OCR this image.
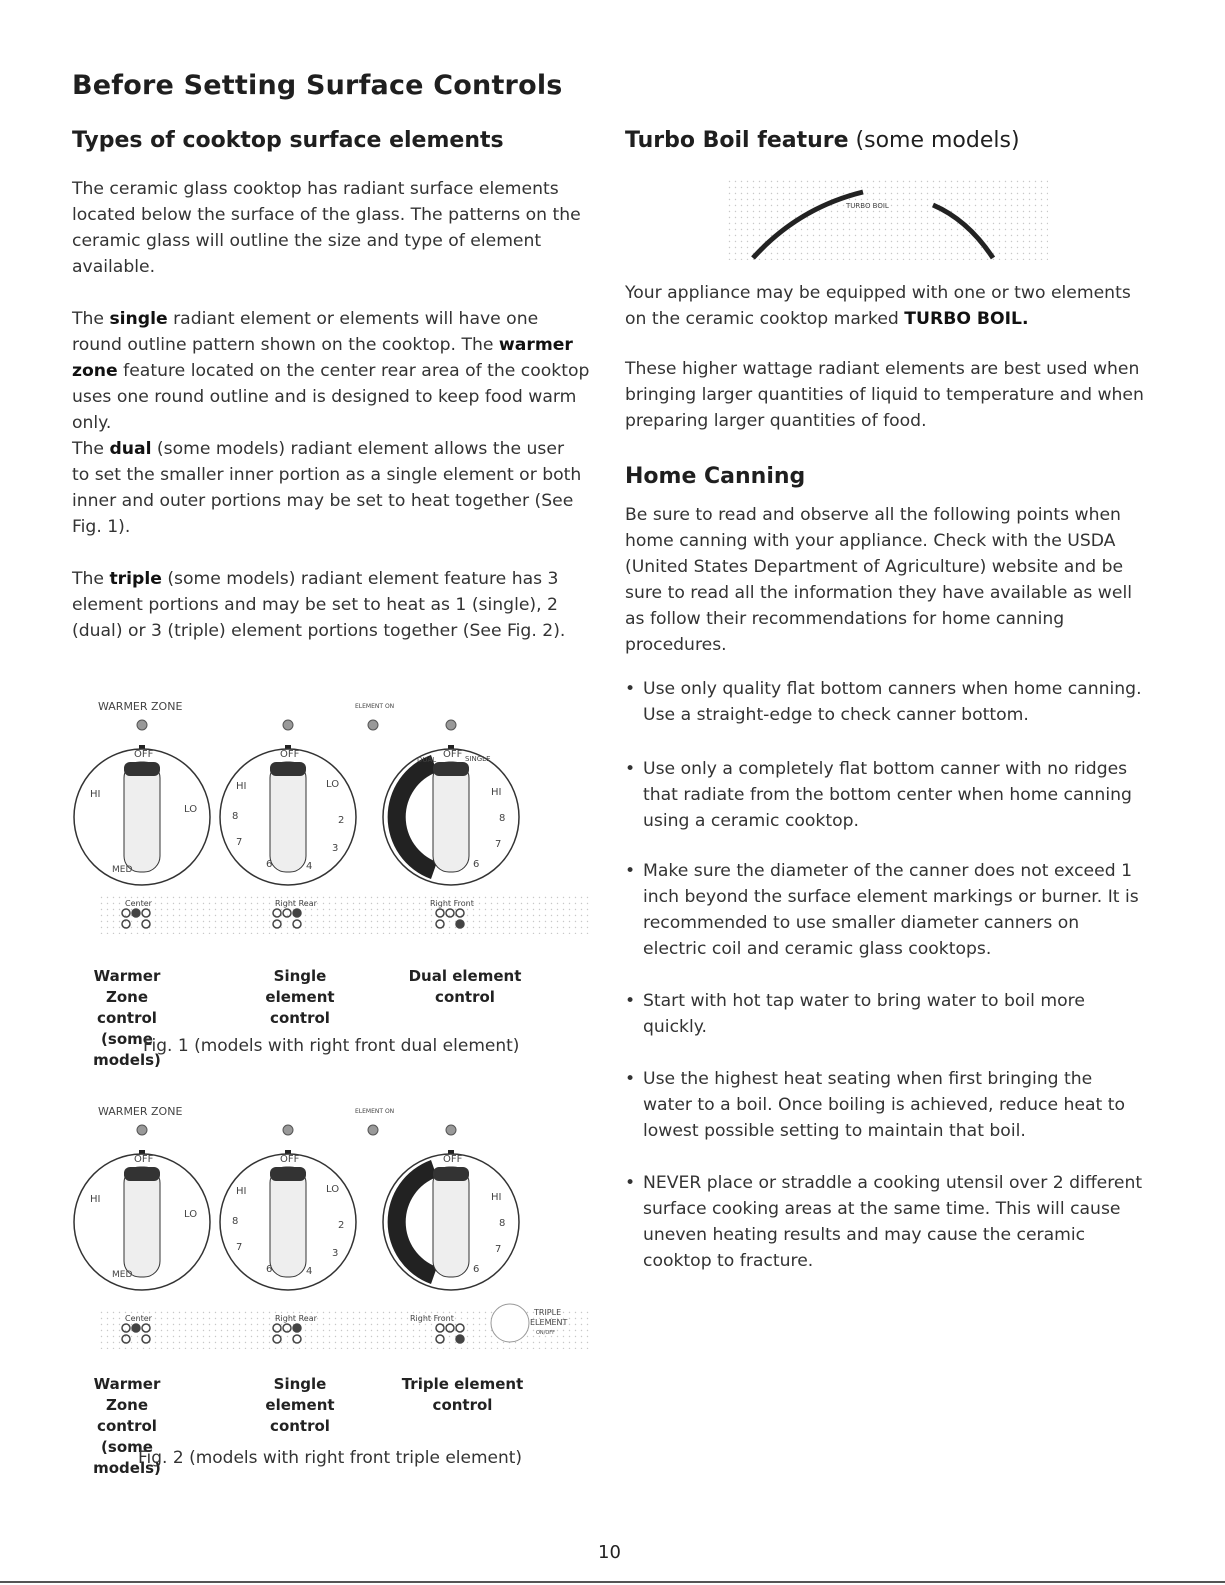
Before Setting Surface Controls
Types of cooktop surface elements

The ceramic glass cooktop has radiant surface elements located below the surface of the glass. The patterns on the ceramic glass will outline the size and type of element available.

The single radiant element or elements will have one round outline pattern shown on the cooktop. The warmer zone feature located on the center rear area of the cooktop uses one round outline and is designed to keep food warm only.

The dual (some models) radiant element allows the user to set the smaller inner portion as a single element or both inner and outer portions may be set to heat together (See Fig. 1).

The triple (some models) radiant element feature has 3 element portions and may be set to heat as 1 (single), 2 (dual) or 3 (triple) element portions together (See Fig. 2).

WARMER ZONE	ELEMENT ON
OFF
HI
LO
MED
OFF
HI	LO
8
7
6	4
3
2
OFF
DUAL	SINGLE
HI
8
7
6
Center	Right Rear	Right Front
Warmer Zone
control
(some models)
Single
element
control
Dual element control
Fig. 1 (models with right front dual element)
WARMER ZONE	ELEMENT ON
OFF
HI
LO
MED
OFF
HI	LO
8
7
6	4
3
2
OFF
HI
8
7
6
Center	Right Rear	Right Front
TRIPLE
ELEMENT
ON/OFF
Warmer Zone
control
(some models)
Single
element
control
Triple element control
Fig. 2 (models with right front triple element)
Turbo Boil feature (some models)
TURBO BOIL

Your appliance may be equipped with one or two elements on the ceramic cooktop marked TURBO BOIL.

These higher wattage radiant elements are best used when bringing larger quantities of liquid to temperature and when preparing larger quantities of food.

Home Canning

Be sure to read and observe all the following points when home canning with your appliance. Check with the USDA (United States Department of Agriculture) website and be sure to read all the information they have available as well as follow their recommendations for home canning procedures.

• Use only quality flat bottom canners when home canning. Use a straight-edge to check canner bottom.
• Use only a completely flat bottom canner with no ridges that radiate from the bottom center when home canning using a ceramic cooktop.
• Make sure the diameter of the canner does not exceed 1 inch beyond the surface element markings or burner. It is recommended to use smaller diameter canners on electric coil and ceramic glass cooktops.
• Start with hot tap water to bring water to boil more quickly.
• Use the highest heat seating when first bringing the water to a boil. Once boiling is achieved, reduce heat to lowest possible setting to maintain that boil.
• NEVER place or straddle a cooking utensil over 2 different surface cooking areas at the same time. This will cause uneven heating results and may cause the ceramic cooktop to fracture.
10
